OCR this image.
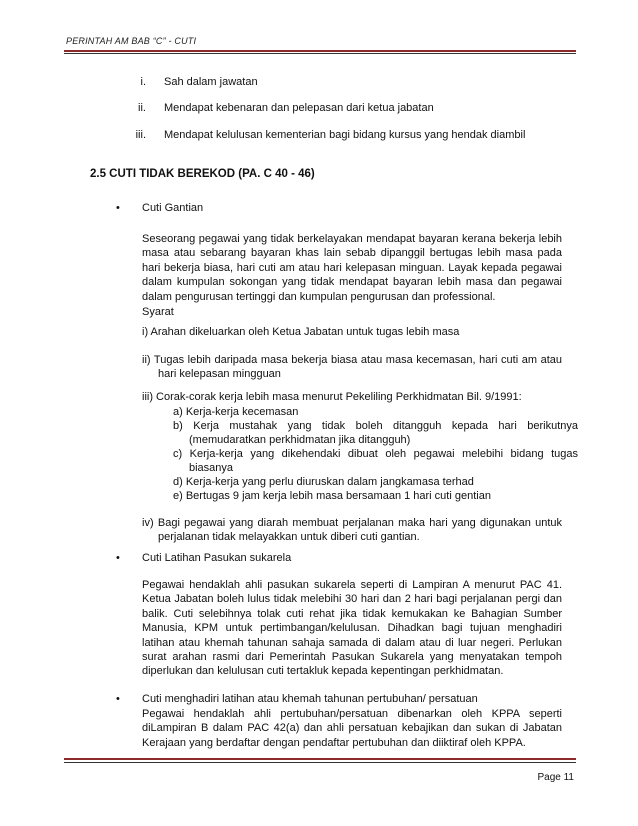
PERINTAH AM BAB “C” - CUTI
i. Sah dalam jawatan
ii. Mendapat kebenaran dan pelepasan dari ketua jabatan
iii. Mendapat kelulusan kementerian bagi bidang kursus yang hendak diambil
2.5 CUTI TIDAK BEREKOD (PA. C 40 - 46)
• Cuti Gantian

Seseorang pegawai yang tidak berkelayakan mendapat bayaran kerana bekerja lebih masa atau sebarang bayaran khas lain sebab dipanggil bertugas lebih masa pada hari bekerja biasa, hari cuti am atau hari kelepasan minguan. Layak kepada pegawai dalam kumpulan sokongan yang tidak mendapat bayaran lebih masa dan pegawai dalam pengurusan tertinggi dan kumpulan pengurusan dan professional.

Syarat
i) Arahan dikeluarkan oleh Ketua Jabatan untuk tugas lebih masa

ii) Tugas lebih daripada masa bekerja biasa atau masa kecemasan, hari cuti am atau hari kelepasan mingguan

iii) Corak-corak kerja lebih masa menurut Pekeliling Perkhidmatan Bil. 9/1991:
a) Kerja-kerja kecemasan

b) Kerja mustahak yang tidak boleh ditangguh kepada hari berikutnya (memudaratkan perkhidmatan jika ditangguh)

c) Kerja-kerja yang dikehendaki dibuat oleh pegawai melebihi bidang tugas biasanya

d) Kerja-kerja yang perlu diuruskan dalam jangkamasa terhad
e) Bertugas 9 jam kerja lebih masa bersamaan 1 hari cuti gentian

iv) Bagi pegawai yang diarah membuat perjalanan maka hari yang digunakan untuk perjalanan tidak melayakkan untuk diberi cuti gantian.

• Cuti Latihan Pasukan sukarela

Pegawai hendaklah ahli pasukan sukarela seperti di Lampiran A menurut PAC 41. Ketua Jabatan boleh lulus tidak melebihi 30 hari dan 2 hari bagi perjalanan pergi dan balik. Cuti selebihnya tolak cuti rehat jika tidak kemukakan ke Bahagian Sumber Manusia, KPM untuk pertimbangan/kelulusan. Dihadkan bagi tujuan menghadiri latihan atau khemah tahunan sahaja samada di dalam atau di luar negeri. Perlukan surat arahan rasmi dari Pemerintah Pasukan Sukarela yang menyatakan tempoh diperlukan dan kelulusan cuti tertakluk kepada kepentingan perkhidmatan.

• Cuti menghadiri latihan atau khemah tahunan pertubuhan/ persatuan

Pegawai hendaklah ahli pertubuhan/persatuan dibenarkan oleh KPPA seperti diLampiran B dalam PAC 42(a) dan ahli persatuan kebajikan dan sukan di Jabatan Kerajaan yang berdaftar dengan pendaftar pertubuhan dan diiktiraf oleh KPPA.

Page 11
